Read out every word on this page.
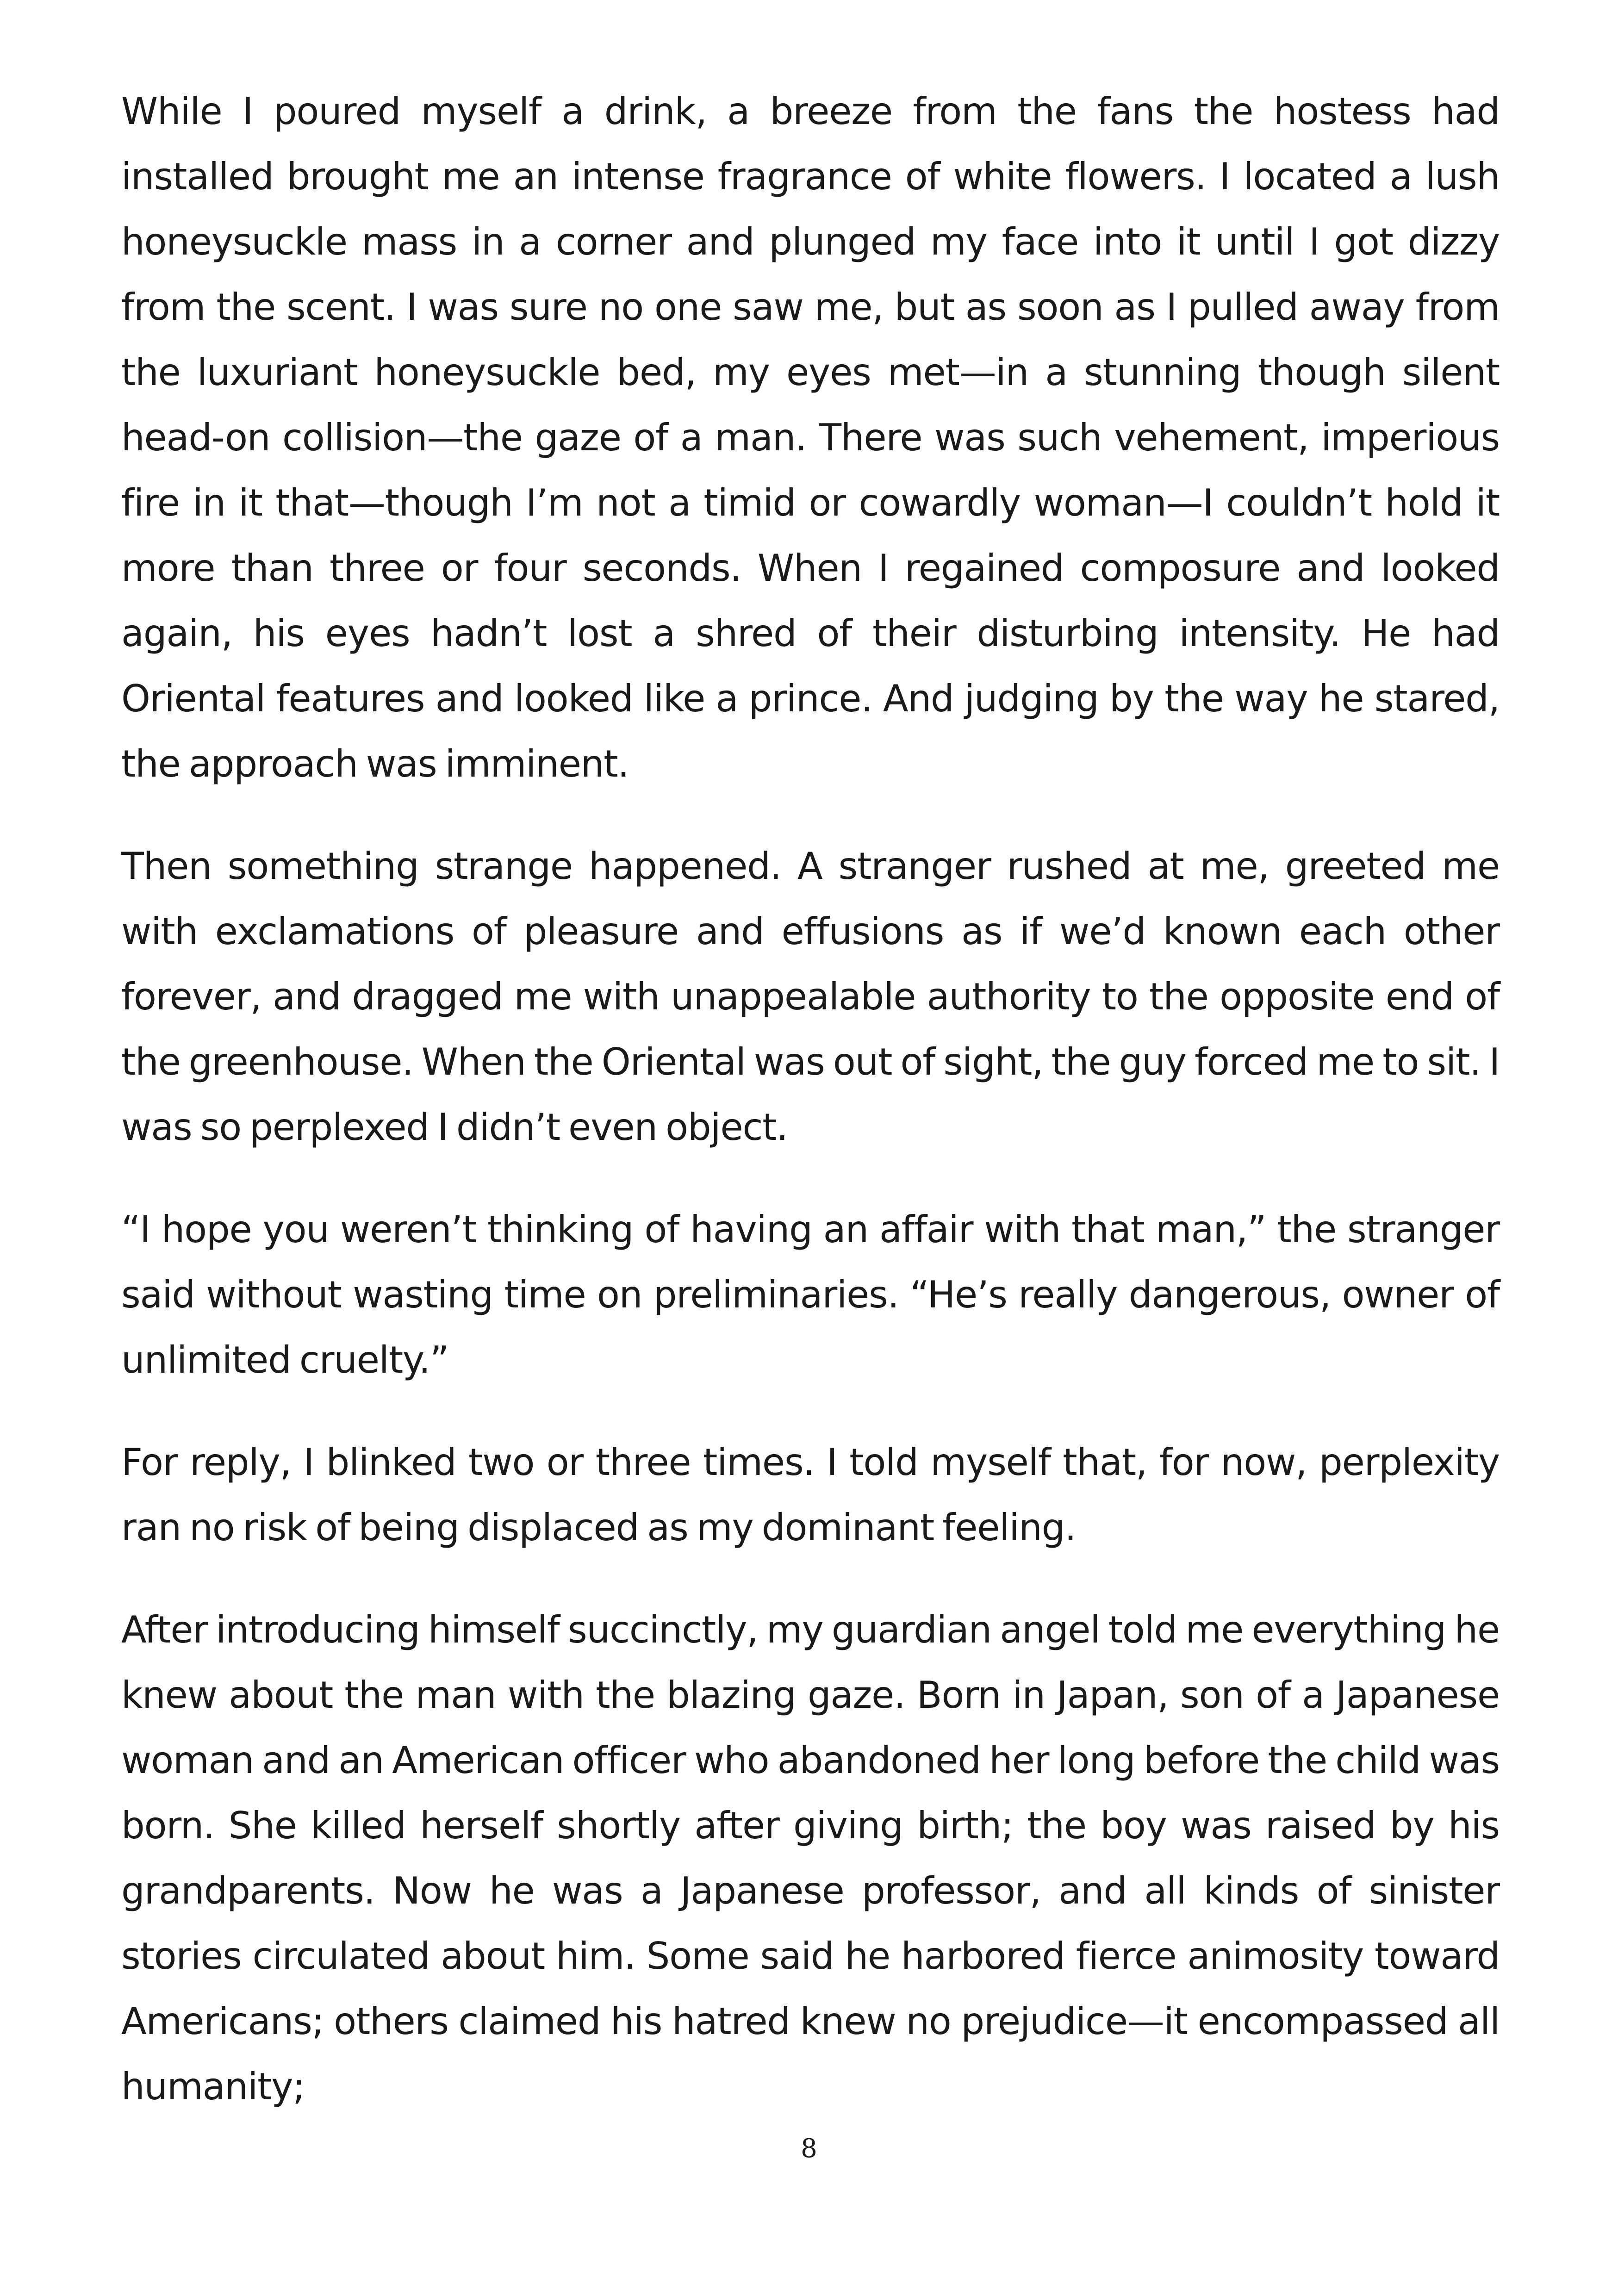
While I poured myself a drink, a breeze from the fans the hostess had installed brought me an intense fragrance of white flowers. I located a lush honeysuckle mass in a corner and plunged my face into it until I got dizzy from the scent. I was sure no one saw me, but as soon as I pulled away from the luxuriant honeysuckle bed, my eyes met—in a stunning though silent head-on collision—the gaze of a man. There was such vehement, imperious fire in it that—though I’m not a timid or cowardly woman—I couldn’t hold it more than three or four seconds. When I regained composure and looked again, his eyes hadn’t lost a shred of their disturbing intensity. He had Oriental features and looked like a prince. And judging by the way he stared, the approach was imminent.

Then something strange happened. A stranger rushed at me, greeted me with exclamations of pleasure and effusions as if we’d known each other forever, and dragged me with unappealable authority to the opposite end of the greenhouse. When the Oriental was out of sight, the guy forced me to sit. I was so perplexed I didn’t even object.

“I hope you weren’t thinking of having an affair with that man,” the stranger said without wasting time on preliminaries. “He’s really dangerous, owner of unlimited cruelty.”

For reply, I blinked two or three times. I told myself that, for now, perplexity ran no risk of being displaced as my dominant feeling.

After introducing himself succinctly, my guardian angel told me everything he knew about the man with the blazing gaze. Born in Japan, son of a Japanese woman and an American officer who abandoned her long before the child was born. She killed herself shortly after giving birth; the boy was raised by his grandparents. Now he was a Japanese professor, and all kinds of sinister stories circulated about him. Some said he harbored fierce animosity toward Americans; others claimed his hatred knew no prejudice—it encompassed all humanity;

8
